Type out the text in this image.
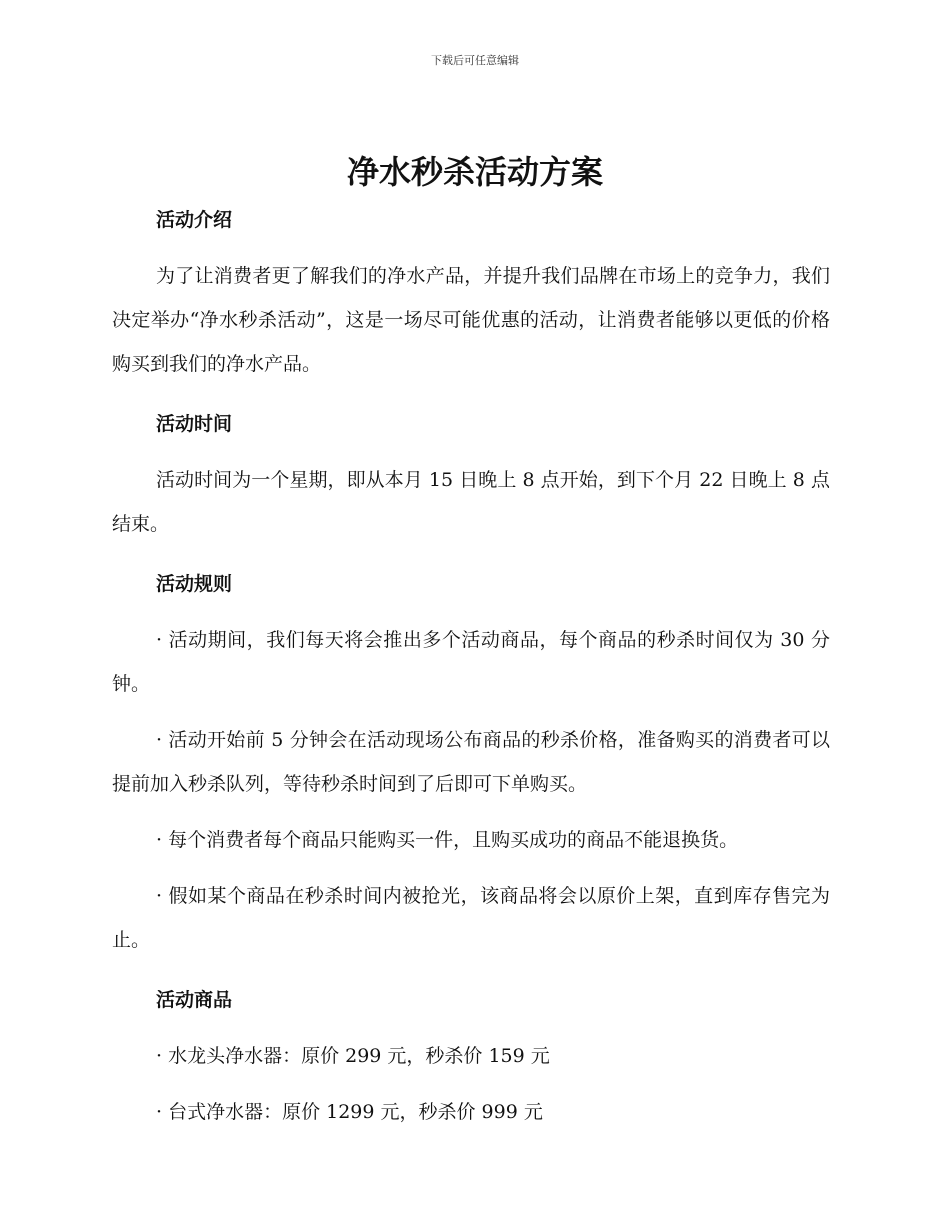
下载后可任意编辑
净水秒杀活动方案
活动介绍

为了让消费者更了解我们的净水产品，并提升我们品牌在市场上的竞争力，我们决定举办“净水秒杀活动”，这是一场尽可能优惠的活动，让消费者能够以更低的价格购买到我们的净水产品。

活动时间

活动时间为一个星期，即从本月 15 日晚上 8 点开始，到下个月 22 日晚上 8 点结束。

活动规则

· 活动期间，我们每天将会推出多个活动商品，每个商品的秒杀时间仅为 30 分钟。

· 活动开始前 5 分钟会在活动现场公布商品的秒杀价格，准备购买的消费者可以提前加入秒杀队列，等待秒杀时间到了后即可下单购买。

· 每个消费者每个商品只能购买一件，且购买成功的商品不能退换货。

· 假如某个商品在秒杀时间内被抢光，该商品将会以原价上架，直到库存售完为止。

活动商品

· 水龙头净水器：原价 299 元，秒杀价 159 元

· 台式净水器：原价 1299 元，秒杀价 999 元
